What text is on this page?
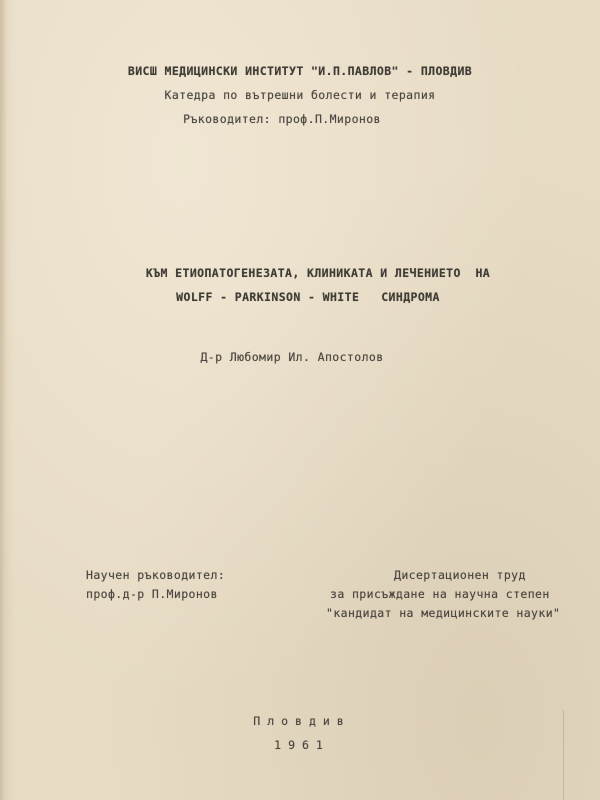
ВИСШ МЕДИЦИНСКИ ИНСТИТУТ "И.П.ПАВЛОВ" - ПЛОВДИВ
Катедра по вътрешни болести и терапия
Ръководител: проф.П.Миронов
КЪМ ЕТИОПАТОГЕНЕЗАТА, КЛИНИКАТА И ЛЕЧЕНИЕТО  НА
WOLFF - PARKINSON - WHITE   СИНДРОМА
Д-р Любомир Ил. Апостолов
Научен ръководител:
проф.д-р П.Миронов
Дисертационен труд
за присъждане на научна степен
"кандидат на медицинските науки"
Пловдив
1961
